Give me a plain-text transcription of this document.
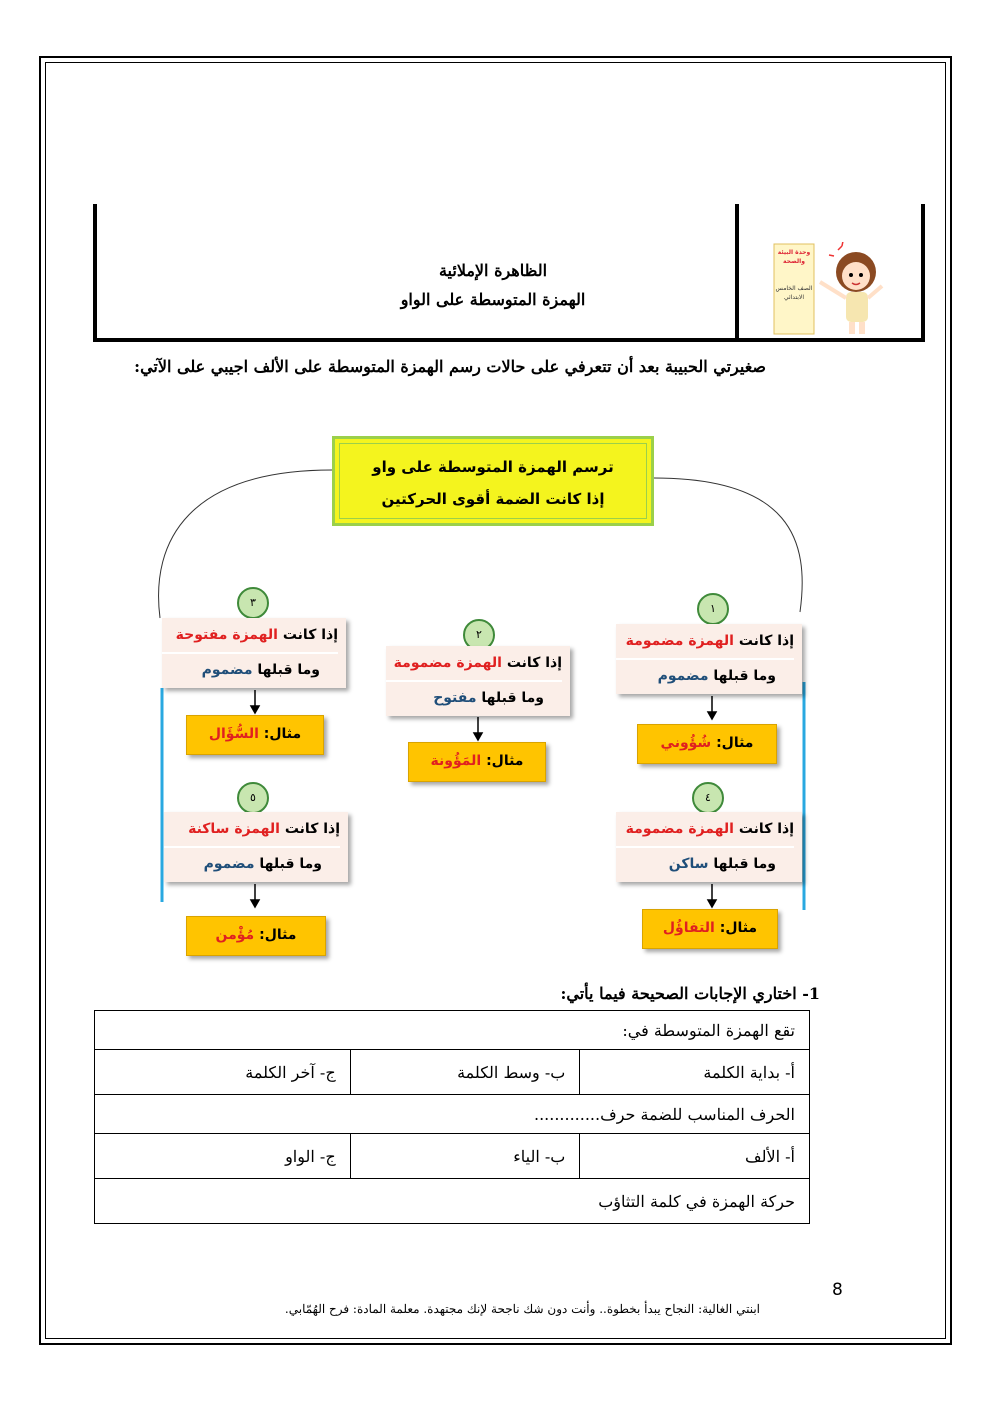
الظاهرة الإملائية
الهمزة المتوسطة على الواو
وحدة البيئة والصحة
الصف الخامس الابتدائي
صغيرتي الحبيبة بعد أن تتعرفي على حالات رسم الهمزة المتوسطة على الألف اجيبي على الآتي:
ترسم الهمزة المتوسطة على واو
إذا كانت الضمة أقوى الحركتين
١
إذا كانت الهمزة مضمومة
وما قبلها مضموم
مثال: شُؤُوني
٢
إذا كانت الهمزة مضمومة
وما قبلها مفتوح
مثال: المَؤُونة
٣
إذا كانت الهمزة مفتوحة
وما قبلها مضموم
مثال: السُّؤَال
٤
إذا كانت الهمزة مضمومة
وما قبلها ساكن
مثال: التفاؤُل
٥
إذا كانت الهمزة ساكنة
وما قبلها مضموم
مثال: مُؤْمن
1- اختاري الإجابات الصحيحة فيما يأتي:
تقع الهمزة المتوسطة في:		
أ- بداية الكلمة	ب- وسط الكلمة	ج- آخر الكلمة
الحرف المناسب للضمة حرف.............		
أ- الألف	ب- الياء	ج- الواو
حركة الهمزة في كلمة التثاؤب		
8
ابنتي الغالية: النجاح يبدأ بخطوة.. وأنت دون شك ناجحة لإنك مجتهدة. معلمة المادة: فرح الهُمّابي.
